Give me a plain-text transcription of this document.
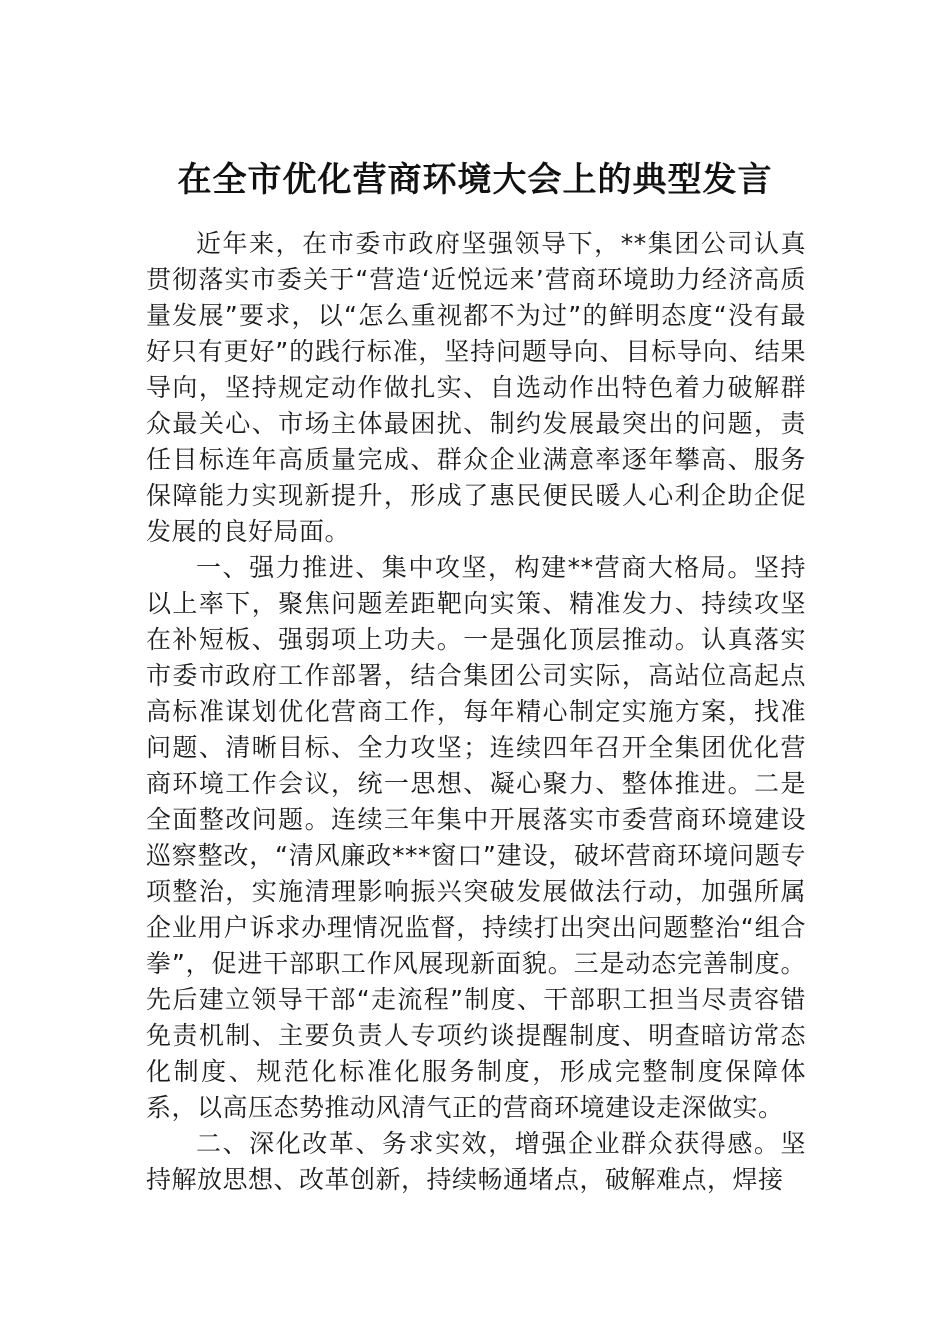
在全市优化营商环境大会上的典型发言

近年来，在市委市政府坚强领导下，**集团公司认真贯彻落实市委关于“营造‘近悦远来’营商环境助力经济高质量发展”要求，以“怎么重视都不为过”的鲜明态度“没有最好只有更好”的践行标准，坚持问题导向、目标导向、结果导向，坚持规定动作做扎实、自选动作出特色着力破解群众最关心、市场主体最困扰、制约发展最突出的问题，责任目标连年高质量完成、群众企业满意率逐年攀高、服务保障能力实现新提升，形成了惠民便民暖人心利企助企促发展的良好局面。

一、强力推进、集中攻坚，构建**营商大格局。坚持以上率下，聚焦问题差距靶向实策、精准发力、持续攻坚在补短板、强弱项上功夫。一是强化顶层推动。认真落实市委市政府工作部署，结合集团公司实际，高站位高起点高标准谋划优化营商工作，每年精心制定实施方案，找准问题、清晰目标、全力攻坚；连续四年召开全集团优化营商环境工作会议，统一思想、凝心聚力、整体推进。二是全面整改问题。连续三年集中开展落实市委营商环境建设巡察整改，“清风廉政***窗口”建设，破坏营商环境问题专项整治，实施清理影响振兴突破发展做法行动，加强所属企业用户诉求办理情况监督，持续打出突出问题整治“组合拳”，促进干部职工作风展现新面貌。三是动态完善制度。先后建立领导干部“走流程”制度、干部职工担当尽责容错免责机制、主要负责人专项约谈提醒制度、明查暗访常态化制度、规范化标准化服务制度，形成完整制度保障体系，以高压态势推动风清气正的营商环境建设走深做实。

二、深化改革、务求实效，增强企业群众获得感。坚持解放思想、改革创新，持续畅通堵点，破解难点，焊接
